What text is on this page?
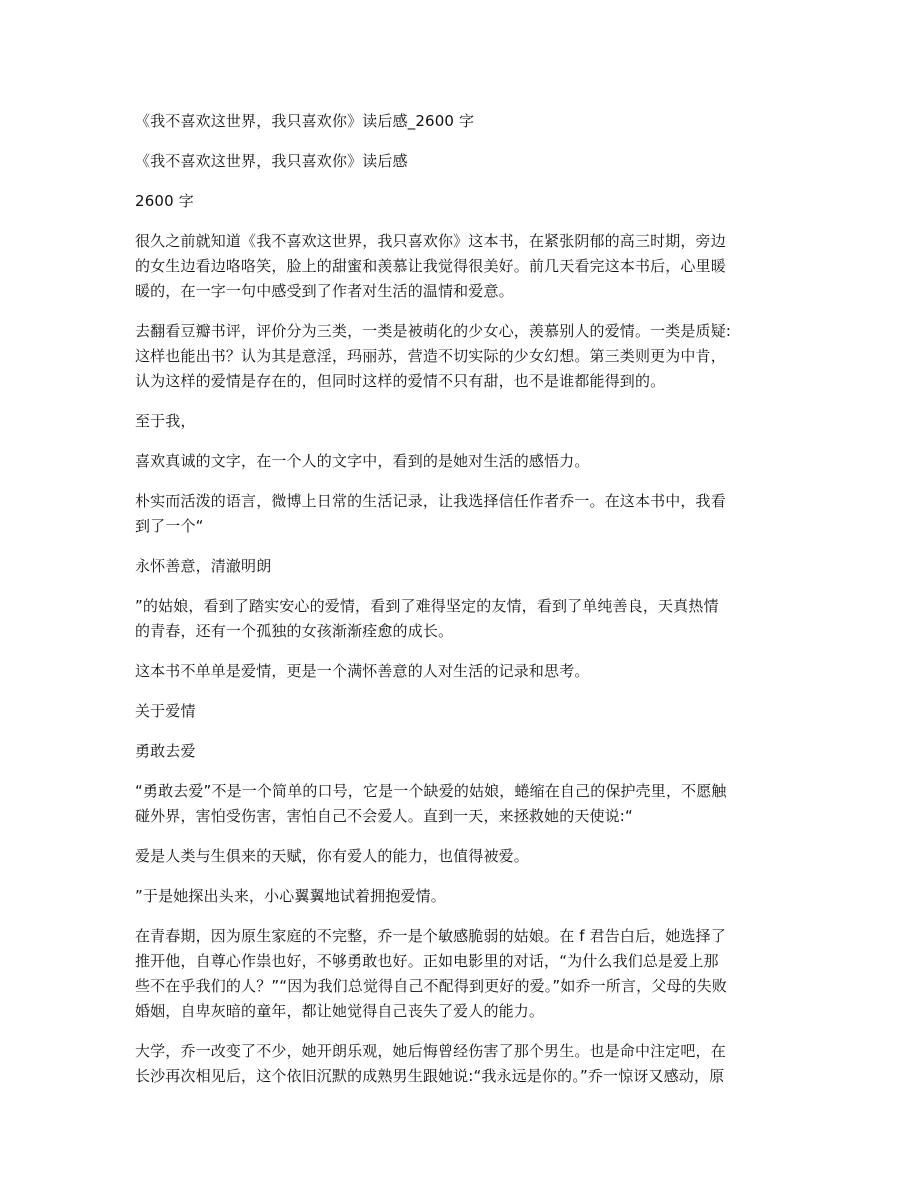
《我不喜欢这世界，我只喜欢你》读后感_2600 字
《我不喜欢这世界，我只喜欢你》读后感
2600 字
很久之前就知道《我不喜欢这世界，我只喜欢你》这本书，在紧张阴郁的高三时期，旁边
的女生边看边咯咯笑，脸上的甜蜜和羡慕让我觉得很美好。前几天看完这本书后，心里暖
暖的，在一字一句中感受到了作者对生活的温情和爱意。
去翻看豆瓣书评，评价分为三类，一类是被萌化的少女心，羡慕别人的爱情。一类是质疑:
这样也能出书？认为其是意淫，玛丽苏，营造不切实际的少女幻想。第三类则更为中肯，
认为这样的爱情是存在的，但同时这样的爱情不只有甜，也不是谁都能得到的。
至于我，
喜欢真诚的文字，在一个人的文字中，看到的是她对生活的感悟力。
朴实而活泼的语言，微博上日常的生活记录，让我选择信任作者乔一。在这本书中，我看
到了一个“
永怀善意，清澈明朗
”的姑娘，看到了踏实安心的爱情，看到了难得坚定的友情，看到了单纯善良，天真热情
的青春，还有一个孤独的女孩渐渐痊愈的成长。
这本书不单单是爱情，更是一个满怀善意的人对生活的记录和思考。
关于爱情
勇敢去爱
“勇敢去爱”不是一个简单的口号，它是一个缺爱的姑娘，蜷缩在自己的保护壳里，不愿触
碰外界，害怕受伤害，害怕自己不会爱人。直到一天，来拯救她的天使说:“
爱是人类与生俱来的天赋，你有爱人的能力，也值得被爱。
”于是她探出头来，小心翼翼地试着拥抱爱情。
在青春期，因为原生家庭的不完整，乔一是个敏感脆弱的姑娘。在 f 君告白后，她选择了
推开他，自尊心作祟也好，不够勇敢也好。正如电影里的对话，“为什么我们总是爱上那
些不在乎我们的人？”“因为我们总觉得自己不配得到更好的爱。”如乔一所言，父母的失败
婚姻，自卑灰暗的童年，都让她觉得自己丧失了爱人的能力。
大学，乔一改变了不少，她开朗乐观，她后悔曾经伤害了那个男生。也是命中注定吧，在
长沙再次相见后，这个依旧沉默的成熟男生跟她说:“我永远是你的。”乔一惊讶又感动，原
